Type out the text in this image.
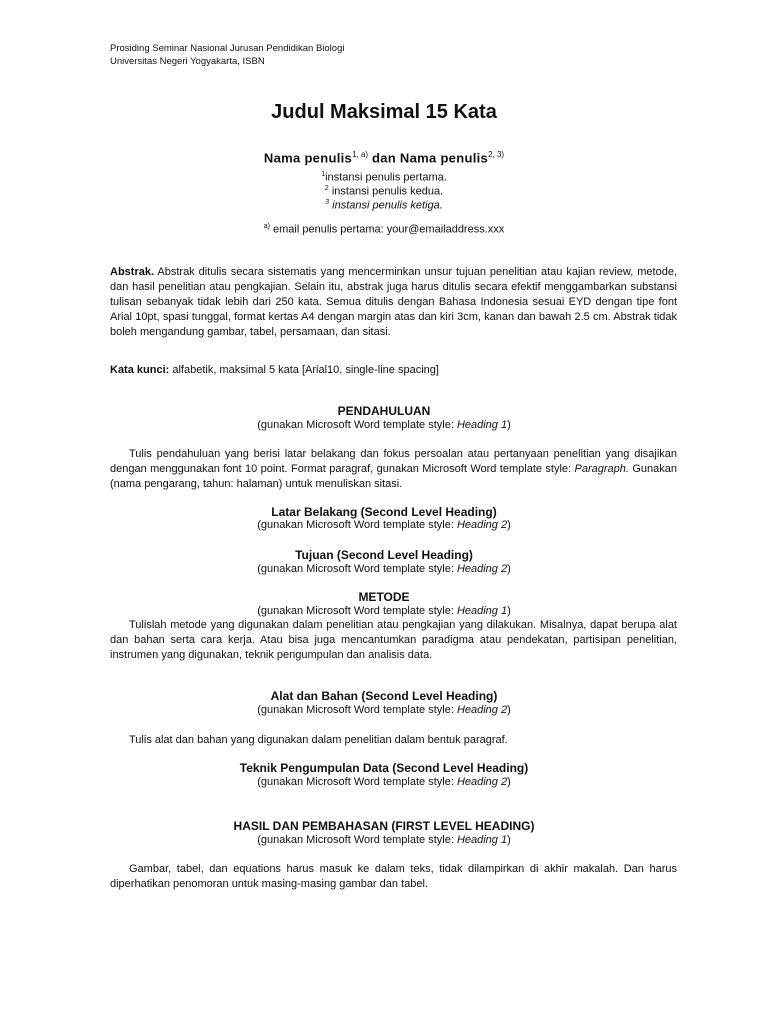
Prosiding Seminar Nasional Jurusan Pendidikan Biologi
Universitas Negeri Yogyakarta, ISBN
Judul Maksimal 15 Kata
Nama penulis$^{1, a)}$ dan Nama penulis$^{2, 3)}$
$^1$instansi penulis pertama.
$^2$ instansi penulis kedua.
$^3$ instansi penulis ketiga.
$^{a)}$ email penulis pertama: your@emailaddress.xxx
Abstrak. Abstrak ditulis secara sistematis yang mencerminkan unsur tujuan penelitian atau kajian review, metode, dan hasil penelitian atau pengkajian. Selain itu, abstrak juga harus ditulis secara efektif menggambarkan substansi tulisan sebanyak tidak lebih dari 250 kata. Semua ditulis dengan Bahasa Indonesia sesuai EYD dengan tipe font Arial 10pt, spasi tunggal, format kertas A4 dengan margin atas dan kiri 3cm, kanan dan bawah 2.5 cm. Abstrak tidak boleh mengandung gambar, tabel, persamaan, dan sitasi.
Kata kunci: alfabetik, maksimal 5 kata [Arial10, single-line spacing]
PENDAHULUAN
(gunakan Microsoft Word template style: Heading 1)
Tulis pendahuluan yang berisi latar belakang dan fokus persoalan atau pertanyaan penelitian yang disajikan dengan menggunakan font 10 point. Format paragraf, gunakan Microsoft Word template style: Paragraph. Gunakan (nama pengarang, tahun: halaman) untuk menuliskan sitasi.
Latar Belakang (Second Level Heading)
(gunakan Microsoft Word template style: Heading 2)
Tujuan (Second Level Heading)
(gunakan Microsoft Word template style: Heading 2)
METODE
(gunakan Microsoft Word template style: Heading 1)
Tulislah metode yang digunakan dalam penelitian atau pengkajian yang dilakukan. Misalnya, dapat berupa alat dan bahan serta cara kerja. Atau bisa juga mencantumkan paradigma atau pendekatan, partisipan penelitian, instrumen yang digunakan, teknik pengumpulan dan analisis data.
Alat dan Bahan (Second Level Heading)
(gunakan Microsoft Word template style: Heading 2)
Tulis alat dan bahan yang digunakan dalam penelitian dalam bentuk paragraf.
Teknik Pengumpulan Data (Second Level Heading)
(gunakan Microsoft Word template style: Heading 2)
HASIL DAN PEMBAHASAN (FIRST LEVEL HEADING)
(gunakan Microsoft Word template style: Heading 1)
Gambar, tabel, dan equations harus masuk ke dalam teks, tidak dilampirkan di akhir makalah. Dan harus diperhatikan penomoran untuk masing-masing gambar dan tabel.
